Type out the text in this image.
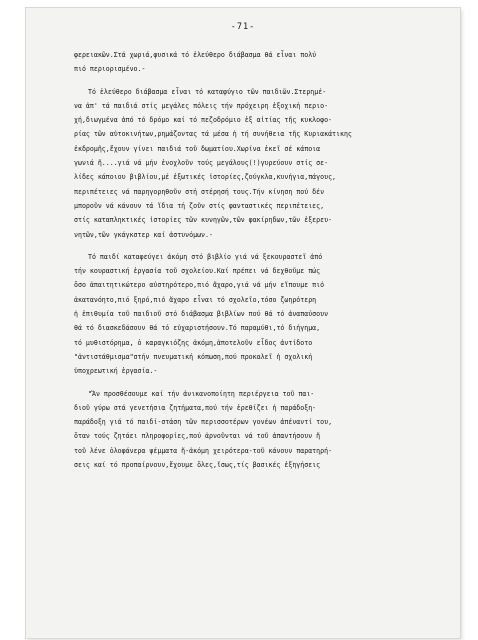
-71-
φερειακῶν.Στά χωριά,φυσικά τό ἐλεύθερο διάβασμα θά εἶναι πολύ
πιό περιορισμένο.-
Τό ἐλεύθερο διάβασμα εἶναι τό καταφύγιο τῶν παιδιῶν.Στερημέ-
να ἀπ' τά παιδιά στίς μεγάλες πόλεις τήν πρόχειρη ἐξοχική περιο-
χή,διωγμένα ἀπό τό δρόμο καί τό πεζοδρόμιο ἐξ αἰτίας τῆς κυκλοφο-
ρίας τῶν αὐτοκινήτων,ρημάζοντας τά μέσα ἡ τή συνήθεια τῆς Κυριακάτικης
ἐκδρομῆς,ἔχουν γίνει παιδιά τοῦ δωματίου.Χωρίνα ἐκεῖ σέ κάποια
γωνιά ἤ....γιά νά μήν ἐνοχλοῦν τούς μεγάλους(!)γυρεύουν στίς σε-
λίδες κάποιου βιβλίου,μέ ἐξωτικές ἱστορίες,ζούγκλα,κυνήγια,πάγους,
περιπέτειες νά παρηγορηθοῦν στή στέρησή τους.Τήν κίνηση πού δέν
μποροῦν νά κάνουν τά ἴδια τή ζοῦν στίς φανταστικές περιπέτειες,
στίς καταπληκτικές ἱστορίες τῶν κυνηγῶν,τῶν φακίρηδων,τῶν ἐξερευ-
νητῶν,τῶν γκάγκστερ καί ἀστυνόμων.-
Τό παιδί καταφεύγει ἀκόμη στό βιβλίο γιά νά ξεκουραστεῖ ἀπό
τήν κουραστική ἐργασία τοῦ σχολείου.Καί πρέπει νά δεχθοῦμε πώς
ὅσο ἀπαιτητικώτερο αὐστηρότερο,πιό ἄχαρο,γιά νά μήν εἴπουμε πιό
ἀκατανόητο,πιό ξηρό,πιό ἄχαρο εἶναι τό σχολεῖο,τόσο ζωηρότερη
ἡ ἐπιθυμία τοῦ παιδιοῦ στό διάβασμα βιβλίων πού θά τό ἀναπαύσουν
θά τό διασκεδάσουν θά τό εὐχαριστήσουν.Τό παραμύθι,τό διήγημα,
τό μυθιστόρημα, ὁ καραγκιόζης ἀκόμη,ἀποτελοῦν εἶδος ἀντίδοτο
"ἀντιστάθμισμα"στήν πνευματική κόπωση,πού προκαλεῖ ἡ σχολική
ὑποχρεωτική ἐργασία.-
"Ἄν προσθέσουμε καί τήν ἀνικανοποίητη περιέργεια τοῦ παι-
διοῦ γύρω στά γενετήσια ζητήματα,πού τήν ἐρεθίζει ἡ παράδοξη-
παράδοξη γιά τό παιδί-στάση τῶν περισσοτέρων γονέων ἀπέναντί του,
ὅταν τούς ζητάει πληροφορίες,πού ἀρνοῦνται νά τοῦ ἀπαντήσουν ἤ
τοῦ λένε ὁλοφάνερα ψέμματα ἤ-ἀκόμη χειρότερα-τοῦ κάνουν παρατηρή-
σεις καί τό προπαίρνουν,ἔχουμε ὅλες,ἴσως,τίς βασικές ἐξηγήσεις
